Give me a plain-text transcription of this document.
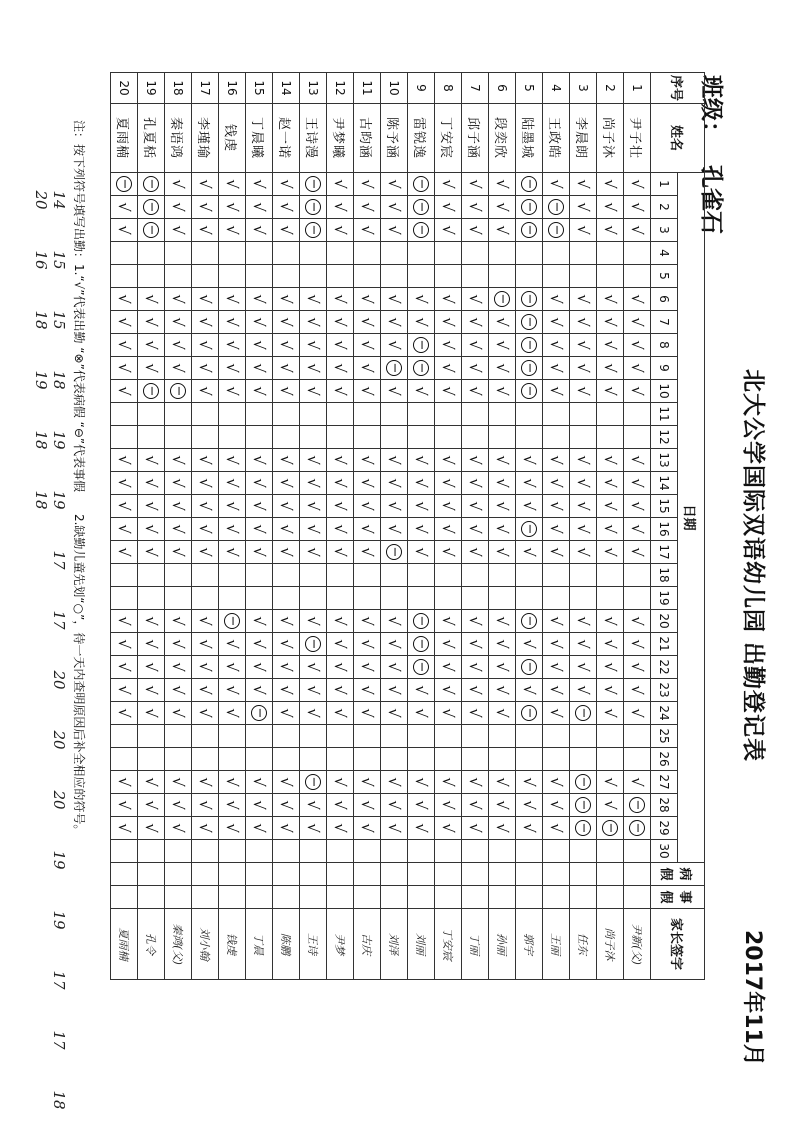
北大公学国际双语幼儿园 出勤登记表
班级：
孔雀石
2017年11月
序号	姓名	日期																														病假	事假	家长签字
		1	2	3	4	5	6	7	8	9	10	11	12	13	14	15	16	17	18	19	20	21	22	23	24	25	26	27	28	29	30			
1	尹子壮	√	√	√			√	√	√	√	√			√	√	√	√	√			√	√	√	√	√			√	−	−				尹新(父)
2	尚子沐	√	√	√			√	√	√	√	√			√	√	√	√	√			√	√	√	√	√			√	√	−				尚子沐
3	李晨朗	√	√	√			√	√	√	√	√			√	√	√	√	√			√	√	√	√	−			−	−	−				任东
4	王政皓	√	−	−			√	√	√	√	√			√	√	√	√	√			√	√	√	√	√			√	√	√				王丽
5	陆墨城	−	−	−			−	−	−	−	−			√	√	√	−	√			−	√	−	√	−			√	√	√				郭宇
6	段奕欣	√	√	√			−	√	√	√	√			√	√	√	√	√			√	√	√	√	√			√	√	√				孙丽
7	邱子涵	√	√	√			√	√	√	√	√			√	√	√	√	√			√	√	√	√	√			√	√	√				丁丽
8	丁安宸	√	√	√			√	√	√	√	√			√	√	√	√	√			√	√	√	√	√			√	√	√				丁安宸
9	雷锐逸	−	−	−			√	√	−	−	√			√	√	√	√	√			−	−	−	√	√			√	√	√				刘丽
10	陈予涵	√	√	√			√	√	√	−	√			√	√	√	√	−			√	√	√	√	√			√	√	√				刘泽
11	古昀涵	√	√	√			√	√	√	√	√			√	√	√	√	√			√	√	√	√	√			√	√	√				古庆
12	尹梦曦	√	√	√			√	√	√	√	√			√	√	√	√	√			√	√	√	√	√			√	√	√				尹梦
13	王诗漫	−	−	−			√	√	√	√	√			√	√	√	√	√			√	−	√	√	√			−	√	√				王诗
14	赵一诺	√	√	√			√	√	√	√	√			√	√	√	√	√			√	√	√	√	√			√	√	√				陈鹏
15	丁晨曦	√	√	√			√	√	√	√	√			√	√	√	√	√			√	√	√	√	−			√	√	√				丁晨
16	钱虔	√	√	√			√	√	√	√	√			√	√	√	√	√			−	√	√	√	√			√	√	√				钱虔
17	李瑾瑜	√	√	√			√	√	√	√	√			√	√	√	√	√			√	√	√	√	√			√	√	√				刘小翰
18	秦语鸿	√	√	√			√	√	√	√	−			√	√	√	√	√			√	√	√	√	√			√	√	√				秦鸿(父)
19	孔夏栝	−	−	−			√	√	√	√	−			√	√	√	√	√			√	√	√	√	√			√	√	√				孔令
20	夏雨楠	−	√	√			√	√	√	√	√			√	√	√	√	√			√	√	√	√	√			√	√	√				夏雨楠
注：按下列符号填写出勤：1.“√”代表出勤 “⊗”代表病假 “⊖”代表事假 2.缺勤儿童先划“○”，待一天内查明原因后补全相应的符号。
14151518191917172020201919171718201618191818
